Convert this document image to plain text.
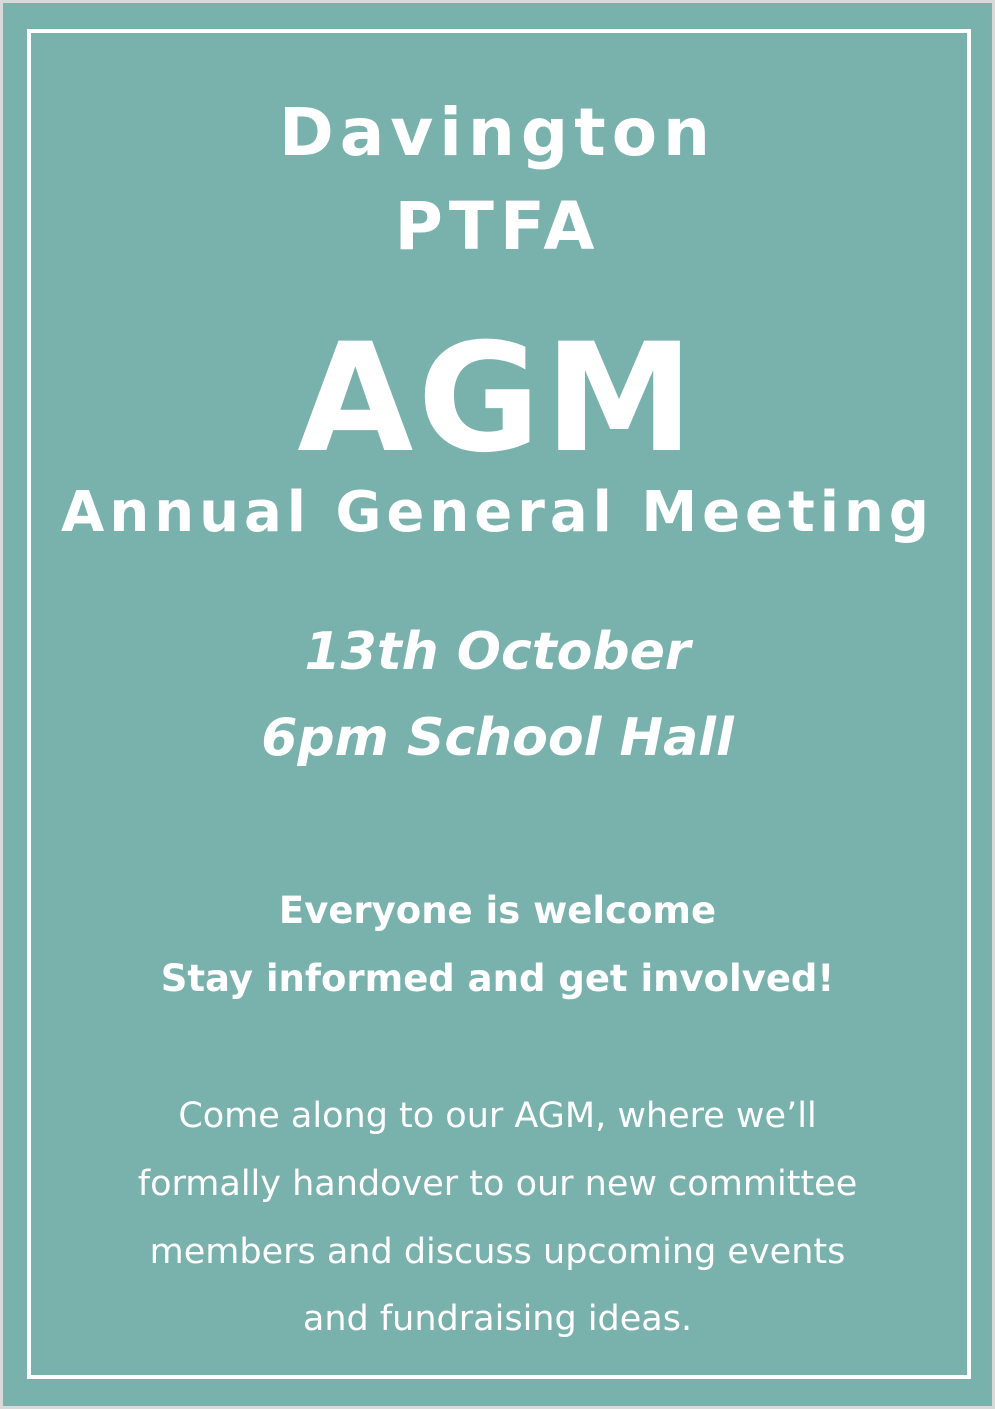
Davington

PTFA

AGM

Annual General Meeting

13th October

6pm School Hall

Everyone is welcome

Stay informed and get involved!

Come along to our AGM, where we’ll

formally handover to our new committee

members and discuss upcoming events

and fundraising ideas.
